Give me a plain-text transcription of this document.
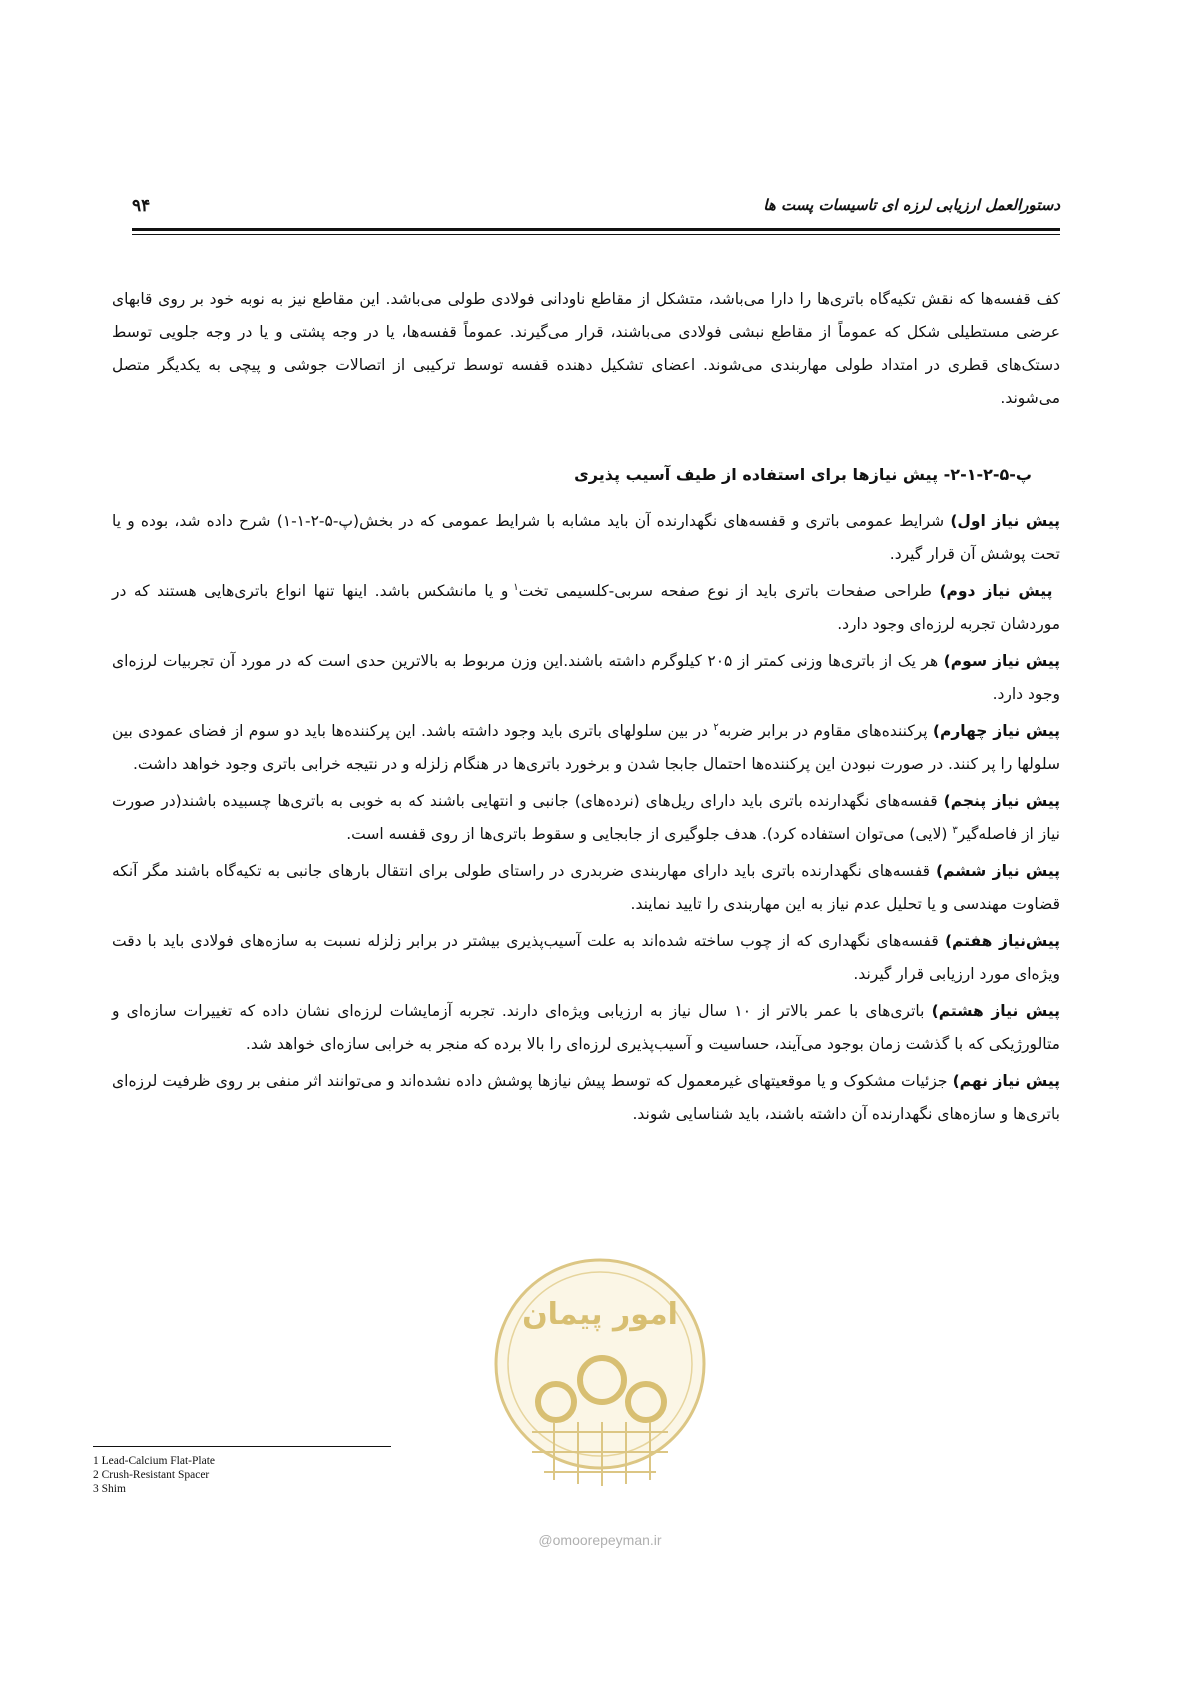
دستورالعمل ارزیابی لرزه ای تاسیسات پست ها
۹۴

کف قفسه‌ها که نقش تکیه‌گاه باتری‌ها را دارا می‌باشد، متشکل از مقاطع ناودانی فولادی طولی می‌باشد. این مقاطع نیز به نوبه خود بر روی قابهای عرضی مستطیلی شکل که عموماً از مقاطع نبشی فولادی می‌باشند، قرار می‌گیرند. عموماً قفسه‌ها، یا در وجه پشتی و یا در وجه جلویی توسط دستک‌های قطری در امتداد طولی مهاربندی می‌شوند. اعضای تشکیل دهنده قفسه توسط ترکیبی از اتصالات جوشی و پیچی به یکدیگر متصل می‌شوند.

پ-۵-۲-۱-۲- پیش نیازها برای استفاده از طیف آسیب پذیری

پیش نیاز اول) شرایط عمومی باتری و قفسه‌های نگهدارنده آن باید مشابه با شرایط عمومی که در بخش(پ-۵-۲-۱-۱) شرح داده شد، بوده و یا تحت پوشش آن قرار گیرد.

پیش نیاز دوم) طراحی صفحات باتری باید از نوع صفحه سربی-کلسیمی تخت$^۱$ و یا مانشکس باشد. اینها تنها انواع باتری‌هایی هستند که در موردشان تجربه لرزه‌ای وجود دارد.

پیش نیاز سوم) هر یک از باتری‌ها وزنی کمتر از ۲۰۵ کیلوگرم داشته باشند.این وزن مربوط به بالاترین حدی است که در مورد آن تجربیات لرزه‌ای وجود دارد.

پیش نیاز چهارم) پرکننده‌های مقاوم در برابر ضربه$^۲$ در بین سلولهای باتری باید وجود داشته باشد. این پرکننده‌ها باید دو سوم از فضای عمودی بین سلولها را پر کنند. در صورت نبودن این پرکننده‌ها احتمال جابجا شدن و برخورد باتری‌ها در هنگام زلزله و در نتیجه خرابی باتری وجود خواهد داشت.

پیش نیاز پنجم) قفسه‌های نگهدارنده باتری باید دارای ریل‌های (نرده‌های) جانبی و انتهایی باشند که به خوبی به باتری‌ها چسبیده باشند(در صورت نیاز از فاصله‌گیر$^۳$ (لایی) می‌توان استفاده کرد). هدف جلوگیری از جابجایی و سقوط باتری‌ها از روی قفسه است.

پیش نیاز ششم) قفسه‌های نگهدارنده باتری باید دارای مهاربندی ضربدری در راستای طولی برای انتقال بارهای جانبی به تکیه‌گاه باشند مگر آنکه قضاوت مهندسی و یا تحلیل عدم نیاز به این مهاربندی را تایید نمایند.

پیش‌نیاز هفتم) قفسه‌های نگهداری که از چوب ساخته شده‌اند به علت آسیب‌پذیری بیشتر در برابر زلزله نسبت به سازه‌های فولادی باید با دقت ویژه‌ای مورد ارزیابی قرار گیرند.

پیش نیاز هشتم) باتری‌های با عمر بالاتر از ۱۰ سال نیاز به ارزیابی ویژه‌ای دارند. تجربه آزمایشات لرزه‌ای نشان داده که تغییرات سازه‌ای و متالورژیکی که با گذشت زمان بوجود می‌آیند، حساسیت و آسیب‌پذیری لرزه‌ای را بالا برده که منجر به خرابی سازه‌ای خواهد شد.

پیش نیاز نهم) جزئیات مشکوک و یا موقعیتهای غیرمعمول که توسط پیش نیازها پوشش داده نشده‌اند و می‌توانند اثر منفی بر روی ظرفیت لرزه‌ای باتری‌ها و سازه‌های نگهدارنده آن داشته باشند، باید شناسایی شوند.

امور پیمان
@omoorepeyman.ir
1 Lead-Calcium Flat-Plate
2 Crush-Resistant Spacer
3 Shim
